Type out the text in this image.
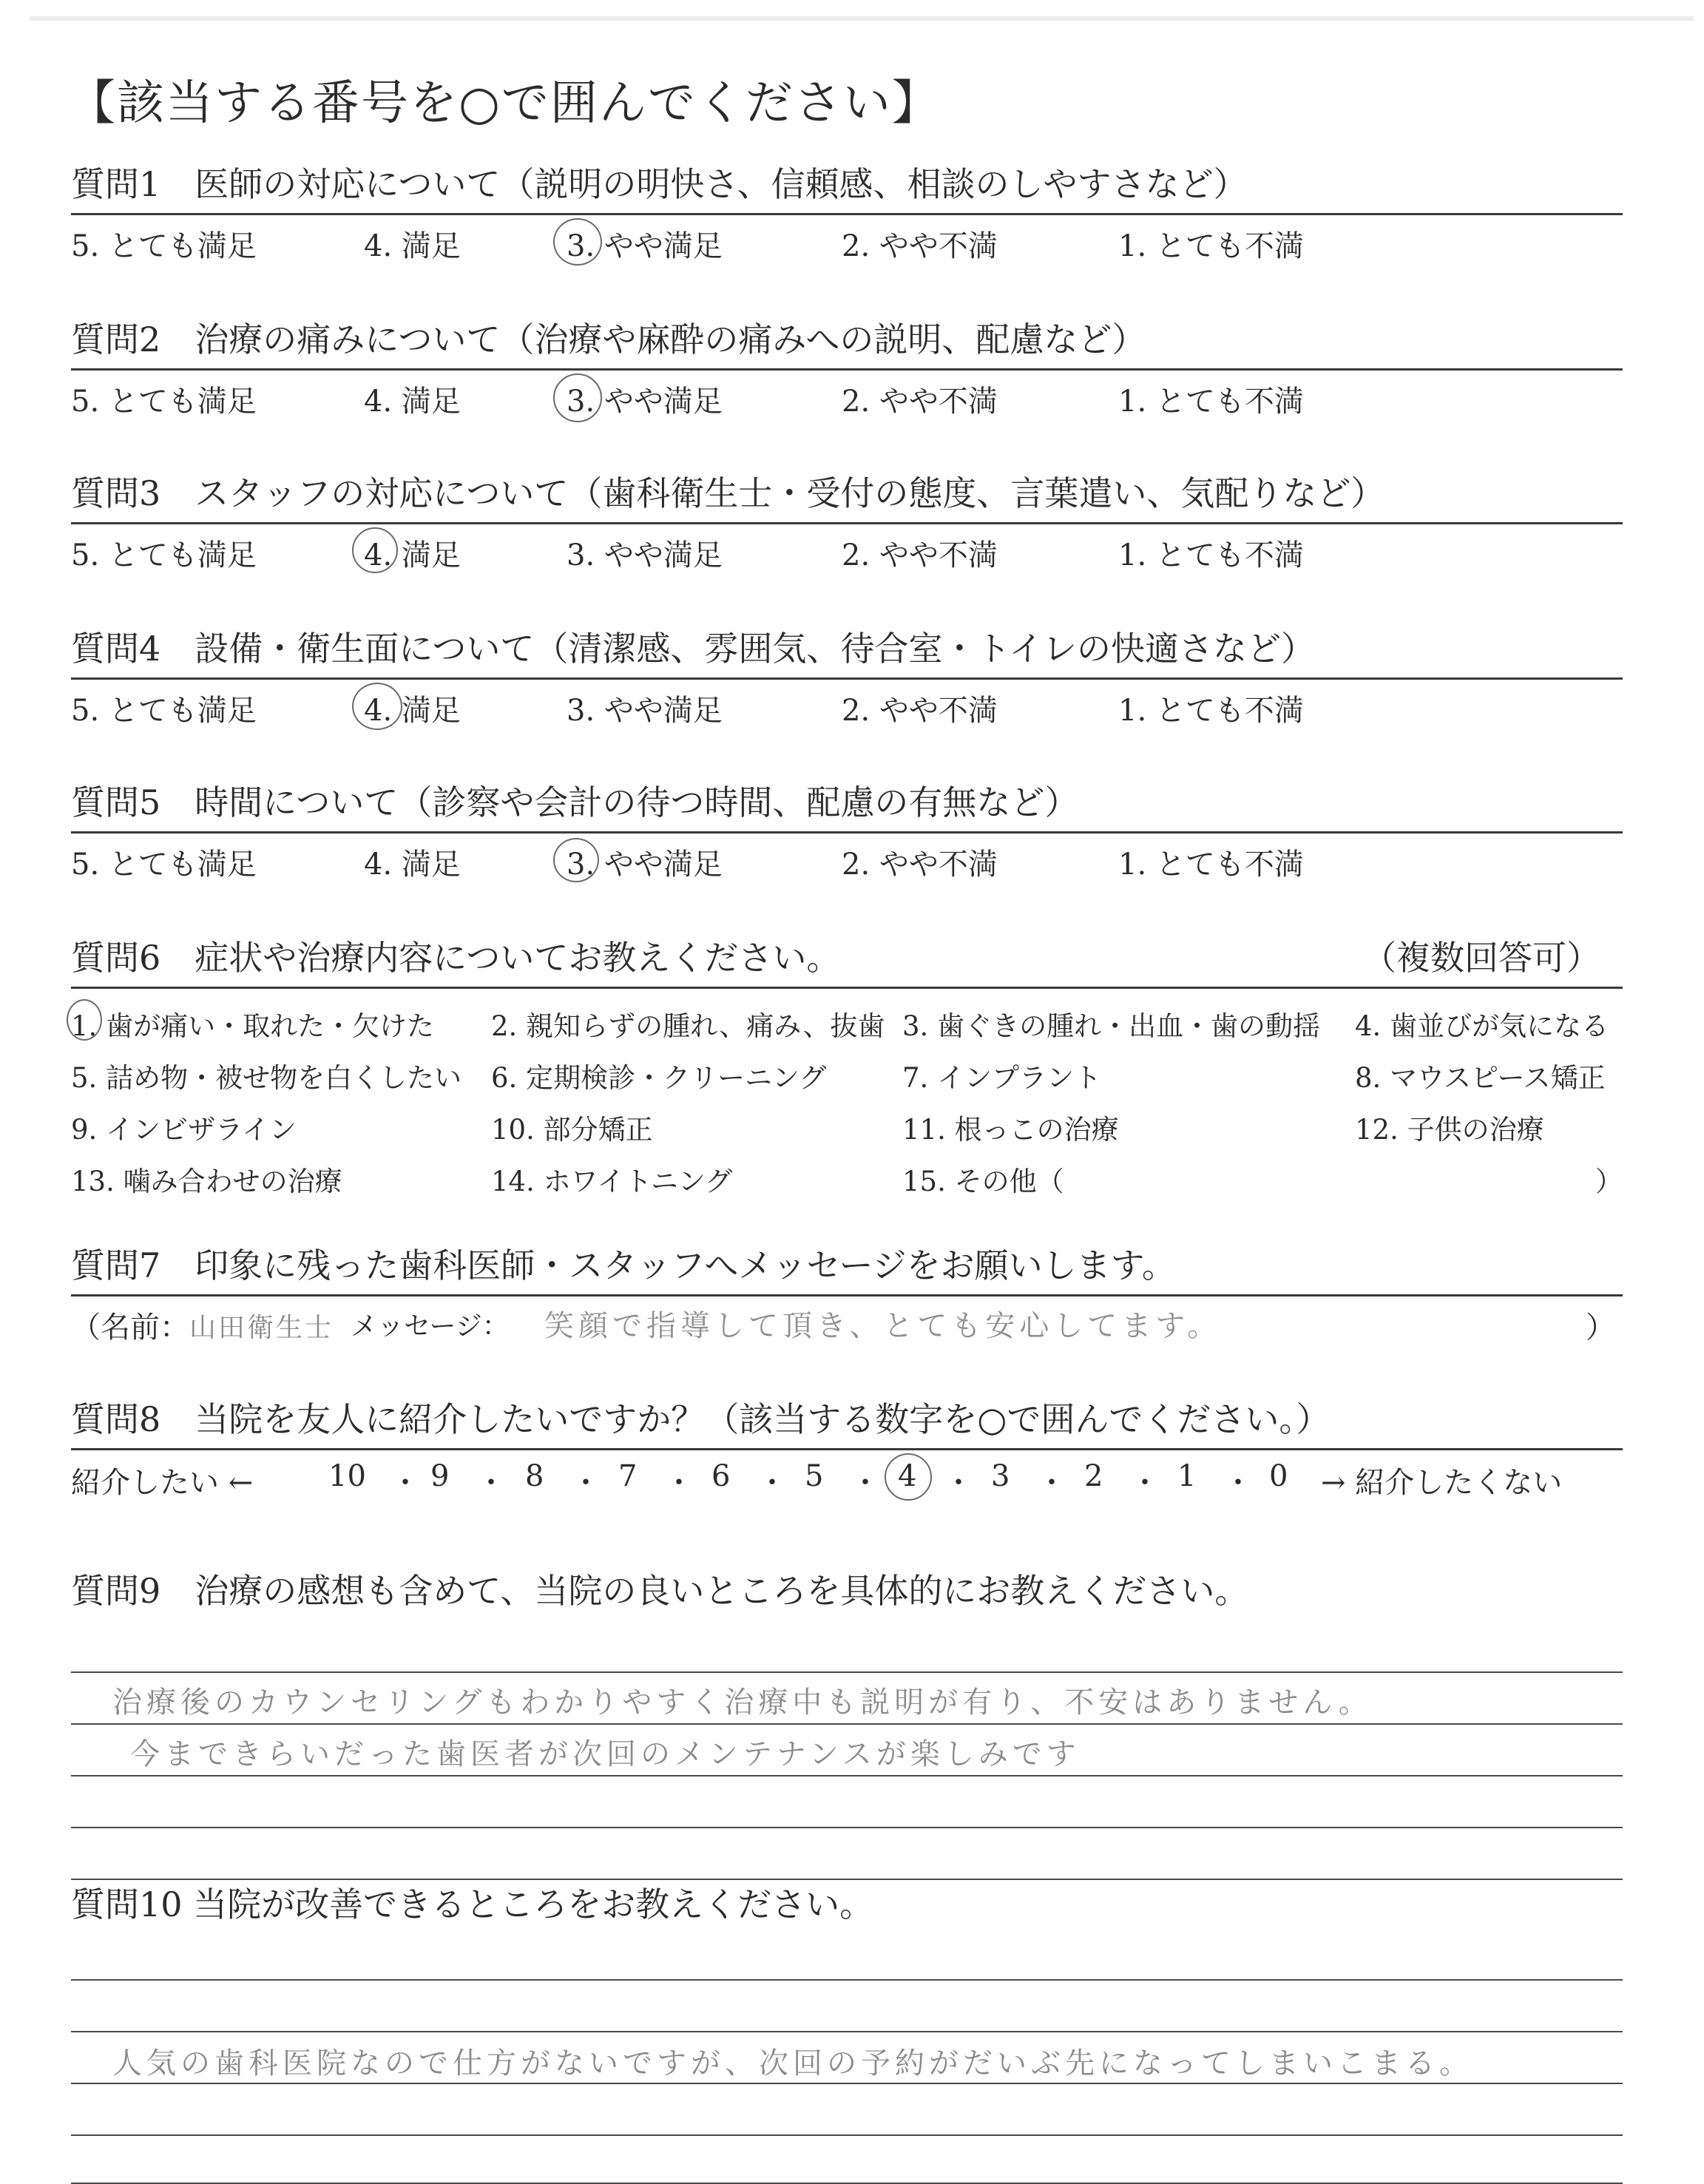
【該当する番号を○で囲んでください】
質問1　医師の対応について（説明の明快さ、信頼感、相談のしやすさなど）
5. とても満足	4. 満足	3. やや満足	2. やや不満	1. とても不満
質問2　治療の痛みについて（治療や麻酔の痛みへの説明、配慮など）
5. とても満足	4. 満足	3. やや満足	2. やや不満	1. とても不満
質問3　スタッフの対応について（歯科衛生士・受付の態度、言葉遣い、気配りなど）
5. とても満足	4. 満足	3. やや満足	2. やや不満	1. とても不満
質問4　設備・衛生面について（清潔感、雰囲気、待合室・トイレの快適さなど）
5. とても満足	4. 満足	3. やや満足	2. やや不満	1. とても不満
質問5　時間について（診察や会計の待つ時間、配慮の有無など）
5. とても満足	4. 満足	3. やや満足	2. やや不満	1. とても不満
質問6　症状や治療内容についてお教えください。	（複数回答可）
1. 歯が痛い・取れた・欠けた 2. 親知らずの腫れ、痛み、抜歯 3. 歯ぐきの腫れ・出血・歯の動揺 4. 歯並びが気になる
5. 詰め物・被せ物を白くしたい 6. 定期検診・クリーニング	7. インプラント	8. マウスピース矯正
9. インビザライン	10. 部分矯正	11. 根っこの治療	12. 子供の治療
13. 噛み合わせの治療	14. ホワイトニング	15. その他（	）
質問7　印象に残った歯科医師・スタッフへメッセージをお願いします。
（名前： 山田衛生士 メッセージ： 笑顔で指導して頂き、とても安心してます。	）
質問8　当院を友人に紹介したいですか？（該当する数字を○で囲んでください。）
紹介したい ←	10 ・ 9 ・ 8 ・ 7 ・ 6 ・ 5 ・ 4 ・ 3 ・ 2 ・ 1 ・ 0 → 紹介したくない
質問9　治療の感想も含めて、当院の良いところを具体的にお教えください。
治療後のカウンセリングもわかりやすく治療中も説明が有り、不安はありません。
今まできらいだった歯医者が次回のメンテナンスが楽しみです
質問10 当院が改善できるところをお教えください。
人気の歯科医院なので仕方がないですが、次回の予約がだいぶ先になってしまいこまる。
